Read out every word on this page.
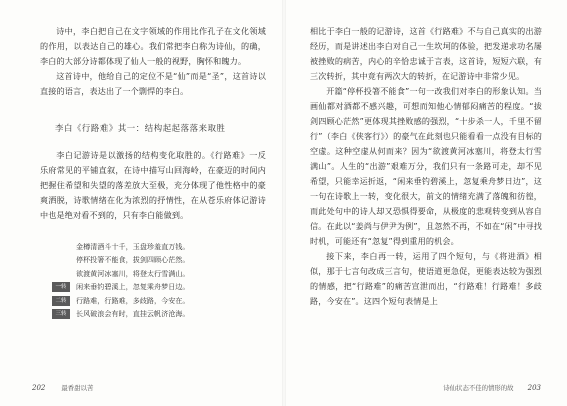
诗中，李白把自己在文字领域的作用比作孔子在文化领域的作用，以表达自己的雄心。我们常把李白称为诗仙，的确，李白的大部分诗都体现了仙人一般的视野，胸怀和魄力。

这首诗中，他给自己的定位不是“仙”而是“圣”，这首诗以直接的语言，表达出了一个剽悍的李白。

李白《行路难》其一：结构起起落落来取胜

李白记游诗是以激扬的结构变化取胜的。《行路难》一反乐府常见的平铺直叙，在诗中描写山回海岭，在豪迈的时间内把握住希望和失望的落差放大至极，充分体现了他性格中的豪爽洒脱，诗歌情绪在化为浓烈的抒情性，在从苍乐府体记游诗中也是绝对看不到的，只有李白能做到。

金樽清酒斗十千，玉盘珍羞直万钱。
停杯投箸不能食，拔剑四顾心茫然。
欲渡黄河冰塞川，将登太行雪满山。
一转	闲来垂钓碧溪上，忽复乘舟梦日边。
二转	行路难，行路难，多歧路，今安在。
三转	长风破浪会有时，直挂云帆济沧海。
202	最香甜以苦

相比于李白一般的记游诗，这首《行路难》不与自己真实的出游经历，而是讲述出李白对自己一生坎坷的体验，把发递求功名屡被挫败的病苦，内心的辛恰忠诚于言表，这首诗，短短六联，有三次转折，其中竟有两次大的转折，在记游诗中非常少见。

开篇“停杯投箸不能食”一句一改我们对李白的形象认知。当画仙都对酒都不感兴趣，可想而知他心情郁闷痛苦的程度。“拔剑四顾心茫然”更体现其挫败感的强烈，“十步杀一人，千里不留行”（李白《侠客行》）的豪气在此刻也只能看看一点没有目标的空虚。这种空虚从何而来？因为“欲渡黄河冰塞川，将登太行雪满山”。人生的“出游”艰难万分，我们只有一条路可走，却不见希望，只能幸运折返，“闲来垂钓碧溪上，忽复乘舟梦日边”，这一句在诗歌上一转，变化很大，前文的情绪充满了落魄和彷徨，而此处句中的诗人却又恐惧得要命，从极度的悲观转变到从容自信。在此以“姜尚与伊尹为例”，且忽然不再，不如在“闲”中寻找时机，可能还有“忽复”得到重用的机会。

接下来，李白再一转，运用了四个短句，与《将进酒》相似，那于七言句改成三言句，使语道更急促，更能表达较为强烈的情感，把“行路难”的痛苦宣泄而出，“行路难！行路难！多歧路，今安在”。这四个短句表情是上

诗仙状态不佳的情形的故 203
